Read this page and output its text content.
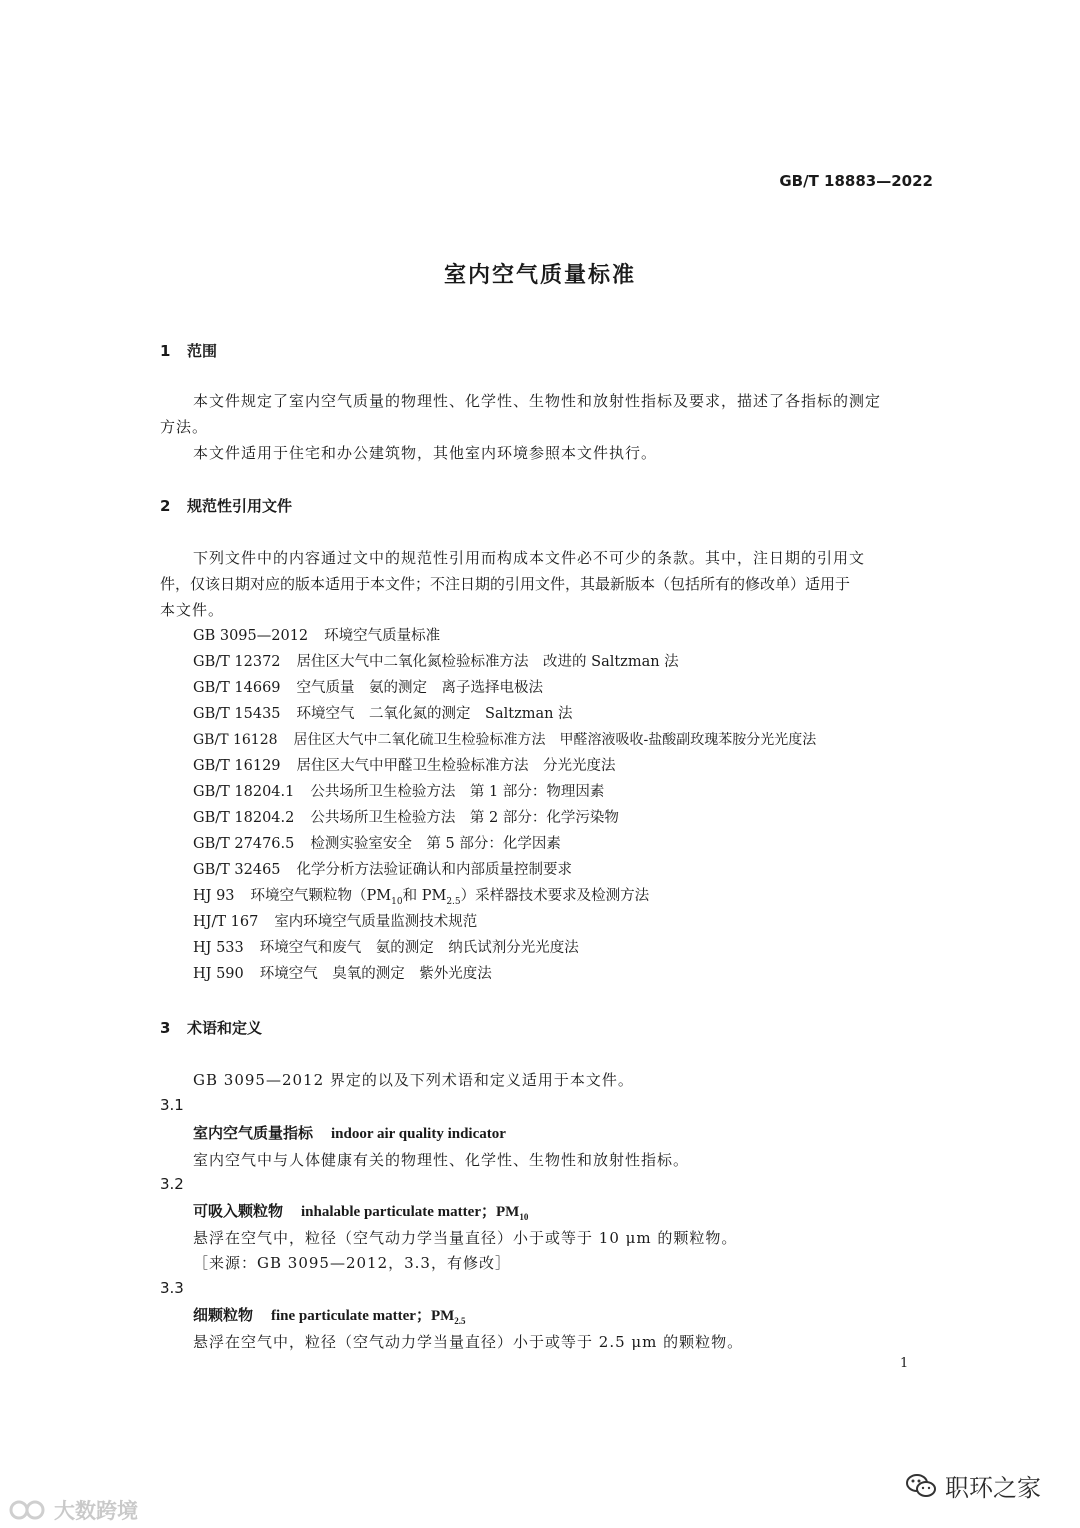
GB/T 18883—2022
室内空气质量标准
1 范围
本文件规定了室内空气质量的物理性、化学性、生物性和放射性指标及要求，描述了各指标的测定
方法。
本文件适用于住宅和办公建筑物，其他室内环境参照本文件执行。
2 规范性引用文件
下列文件中的内容通过文中的规范性引用而构成本文件必不可少的条款。其中，注日期的引用文
件，仅该日期对应的版本适用于本文件；不注日期的引用文件，其最新版本（包括所有的修改单）适用于
本文件。
GB 3095—2012 环境空气质量标准
GB/T 12372 居住区大气中二氧化氮检验标准方法　改进的 Saltzman 法
GB/T 14669 空气质量　氨的测定　离子选择电极法
GB/T 15435 环境空气　二氧化氮的测定　Saltzman 法
GB/T 16128 居住区大气中二氧化硫卫生检验标准方法　甲醛溶液吸收-盐酸副玫瑰苯胺分光光度法
GB/T 16129 居住区大气中甲醛卫生检验标准方法　分光光度法
GB/T 18204.1 公共场所卫生检验方法　第 1 部分：物理因素
GB/T 18204.2 公共场所卫生检验方法　第 2 部分：化学污染物
GB/T 27476.5 检测实验室安全　第 5 部分：化学因素
GB/T 32465 化学分析方法验证确认和内部质量控制要求
HJ 93 环境空气颗粒物（$PM_{10}$和 $PM_{2.5}$）采样器技术要求及检测方法
HJ/T 167 室内环境空气质量监测技术规范
HJ 533 环境空气和废气　氨的测定　纳氏试剂分光光度法
HJ 590 环境空气　臭氧的测定　紫外光度法
3 术语和定义
GB 3095—2012 界定的以及下列术语和定义适用于本文件。
3.1
室内空气质量指标 indoor air quality indicator
室内空气中与人体健康有关的物理性、化学性、生物性和放射性指标。
3.2
可吸入颗粒物 inhalable particulate matter；$PM_{10}$
悬浮在空气中，粒径（空气动力学当量直径）小于或等于 10 μm 的颗粒物。
［来源：GB 3095—2012，3.3，有修改］
3.3
细颗粒物 fine particulate matter；$PM_{2.5}$
悬浮在空气中，粒径（空气动力学当量直径）小于或等于 2.5 μm 的颗粒物。
1
大数跨境
职环之家
